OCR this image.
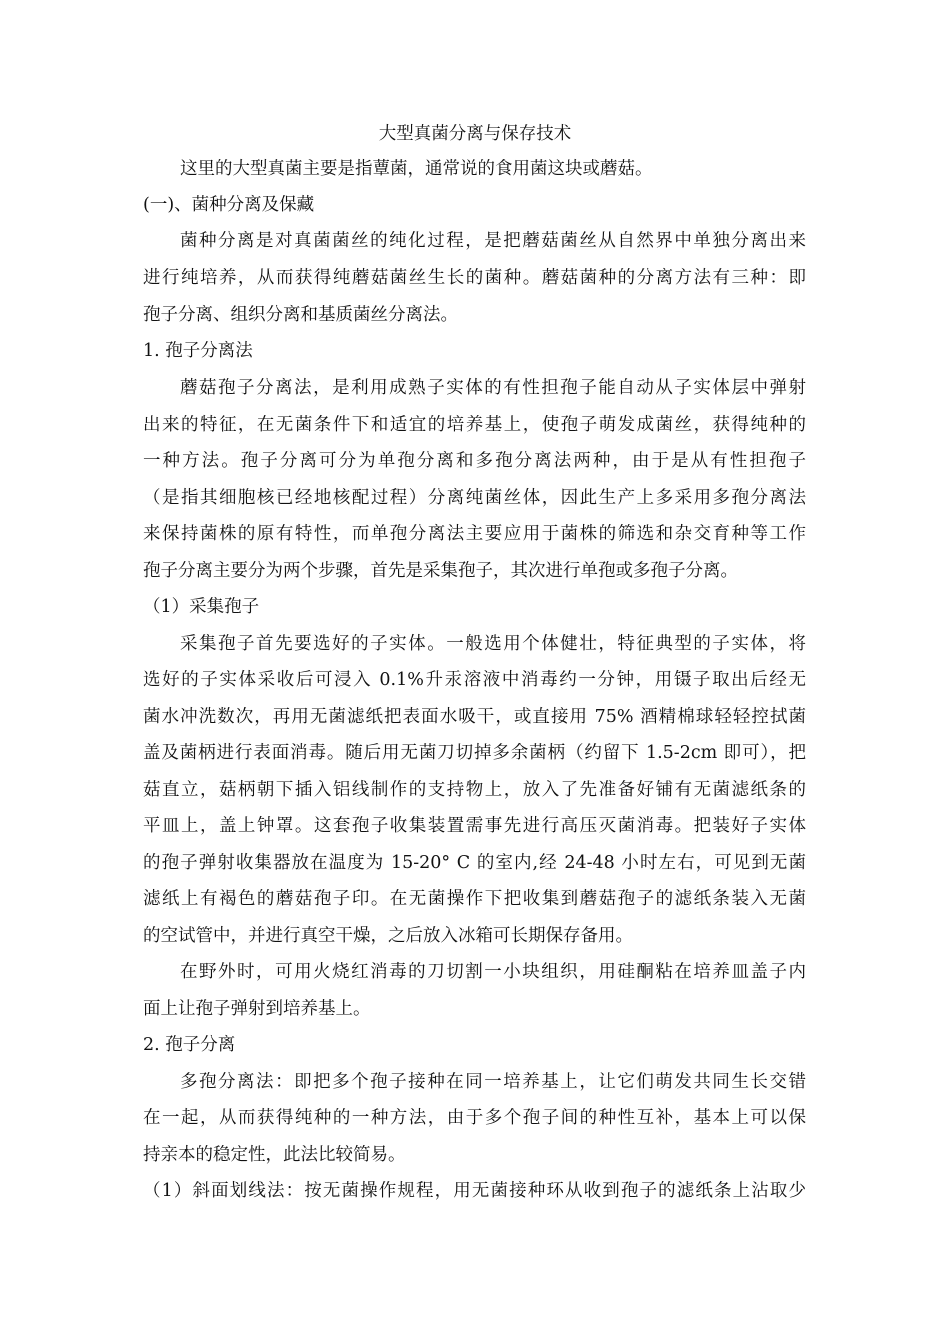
大型真菌分离与保存技术
这里的大型真菌主要是指蕈菌，通常说的食用菌这块或蘑菇。
(一)、菌种分离及保藏
菌种分离是对真菌菌丝的纯化过程，是把蘑菇菌丝从自然界中单独分离出来
进行纯培养，从而获得纯蘑菇菌丝生长的菌种。蘑菇菌种的分离方法有三种：即
孢子分离、组织分离和基质菌丝分离法。
1. 孢子分离法
蘑菇孢子分离法，是利用成熟子实体的有性担孢子能自动从子实体层中弹射
出来的特征，在无菌条件下和适宜的培养基上，使孢子萌发成菌丝，获得纯种的
一种方法。孢子分离可分为单孢分离和多孢分离法两种，由于是从有性担孢子
（是指其细胞核已经地核配过程）分离纯菌丝体，因此生产上多采用多孢分离法
来保持菌株的原有特性，而单孢分离法主要应用于菌株的筛选和杂交育种等工作
孢子分离主要分为两个步骤，首先是采集孢子，其次进行单孢或多孢子分离。
（1）采集孢子
采集孢子首先要选好的子实体。一般选用个体健壮，特征典型的子实体，将
选好的子实体采收后可浸入 0.1%升汞溶液中消毒约一分钟，用镊子取出后经无
菌水冲洗数次，再用无菌滤纸把表面水吸干，或直接用 75% 酒精棉球轻轻控拭菌
盖及菌柄进行表面消毒。随后用无菌刀切掉多余菌柄（约留下 1.5-2cm 即可），把
菇直立，菇柄朝下插入铝线制作的支持物上，放入了先准备好铺有无菌滤纸条的
平皿上，盖上钟罩。这套孢子收集装置需事先进行高压灭菌消毒。把装好子实体
的孢子弹射收集器放在温度为 15-20° C 的室内,经 24-48 小时左右，可见到无菌
滤纸上有褐色的蘑菇孢子印。在无菌操作下把收集到蘑菇孢子的滤纸条装入无菌
的空试管中，并进行真空干燥，之后放入冰箱可长期保存备用。
在野外时，可用火烧红消毒的刀切割一小块组织，用硅酮粘在培养皿盖子内
面上让孢子弹射到培养基上。
2. 孢子分离
多孢分离法：即把多个孢子接种在同一培养基上，让它们萌发共同生长交错
在一起，从而获得纯种的一种方法，由于多个孢子间的种性互补，基本上可以保
持亲本的稳定性，此法比较简易。
（1）斜面划线法：按无菌操作规程，用无菌接种环从收到孢子的滤纸条上沾取少
